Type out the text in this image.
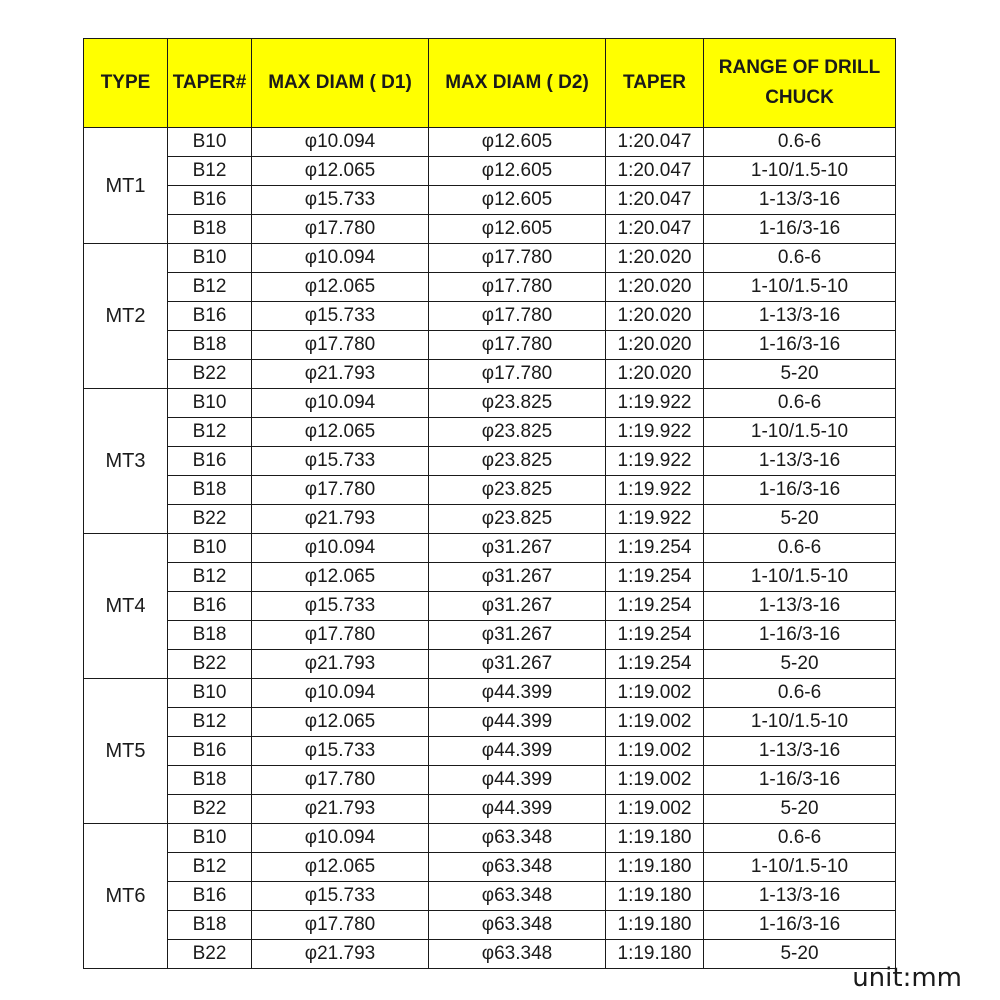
TYPE	TAPER#	MAX DIAM ( D1)	MAX DIAM ( D2)	TAPER	RANGE OF DRILL CHUCK
MT1	B10	φ10.094	φ12.605	1:20.047	0.6-6
	B12	φ12.065	φ12.605	1:20.047	1-10/1.5-10
	B16	φ15.733	φ12.605	1:20.047	1-13/3-16
	B18	φ17.780	φ12.605	1:20.047	1-16/3-16
MT2	B10	φ10.094	φ17.780	1:20.020	0.6-6
	B12	φ12.065	φ17.780	1:20.020	1-10/1.5-10
	B16	φ15.733	φ17.780	1:20.020	1-13/3-16
	B18	φ17.780	φ17.780	1:20.020	1-16/3-16
	B22	φ21.793	φ17.780	1:20.020	5-20
MT3	B10	φ10.094	φ23.825	1:19.922	0.6-6
	B12	φ12.065	φ23.825	1:19.922	1-10/1.5-10
	B16	φ15.733	φ23.825	1:19.922	1-13/3-16
	B18	φ17.780	φ23.825	1:19.922	1-16/3-16
	B22	φ21.793	φ23.825	1:19.922	5-20
MT4	B10	φ10.094	φ31.267	1:19.254	0.6-6
	B12	φ12.065	φ31.267	1:19.254	1-10/1.5-10
	B16	φ15.733	φ31.267	1:19.254	1-13/3-16
	B18	φ17.780	φ31.267	1:19.254	1-16/3-16
	B22	φ21.793	φ31.267	1:19.254	5-20
MT5	B10	φ10.094	φ44.399	1:19.002	0.6-6
	B12	φ12.065	φ44.399	1:19.002	1-10/1.5-10
	B16	φ15.733	φ44.399	1:19.002	1-13/3-16
	B18	φ17.780	φ44.399	1:19.002	1-16/3-16
	B22	φ21.793	φ44.399	1:19.002	5-20
MT6	B10	φ10.094	φ63.348	1:19.180	0.6-6
	B12	φ12.065	φ63.348	1:19.180	1-10/1.5-10
	B16	φ15.733	φ63.348	1:19.180	1-13/3-16
	B18	φ17.780	φ63.348	1:19.180	1-16/3-16
	B22	φ21.793	φ63.348	1:19.180	5-20
unit:mm
